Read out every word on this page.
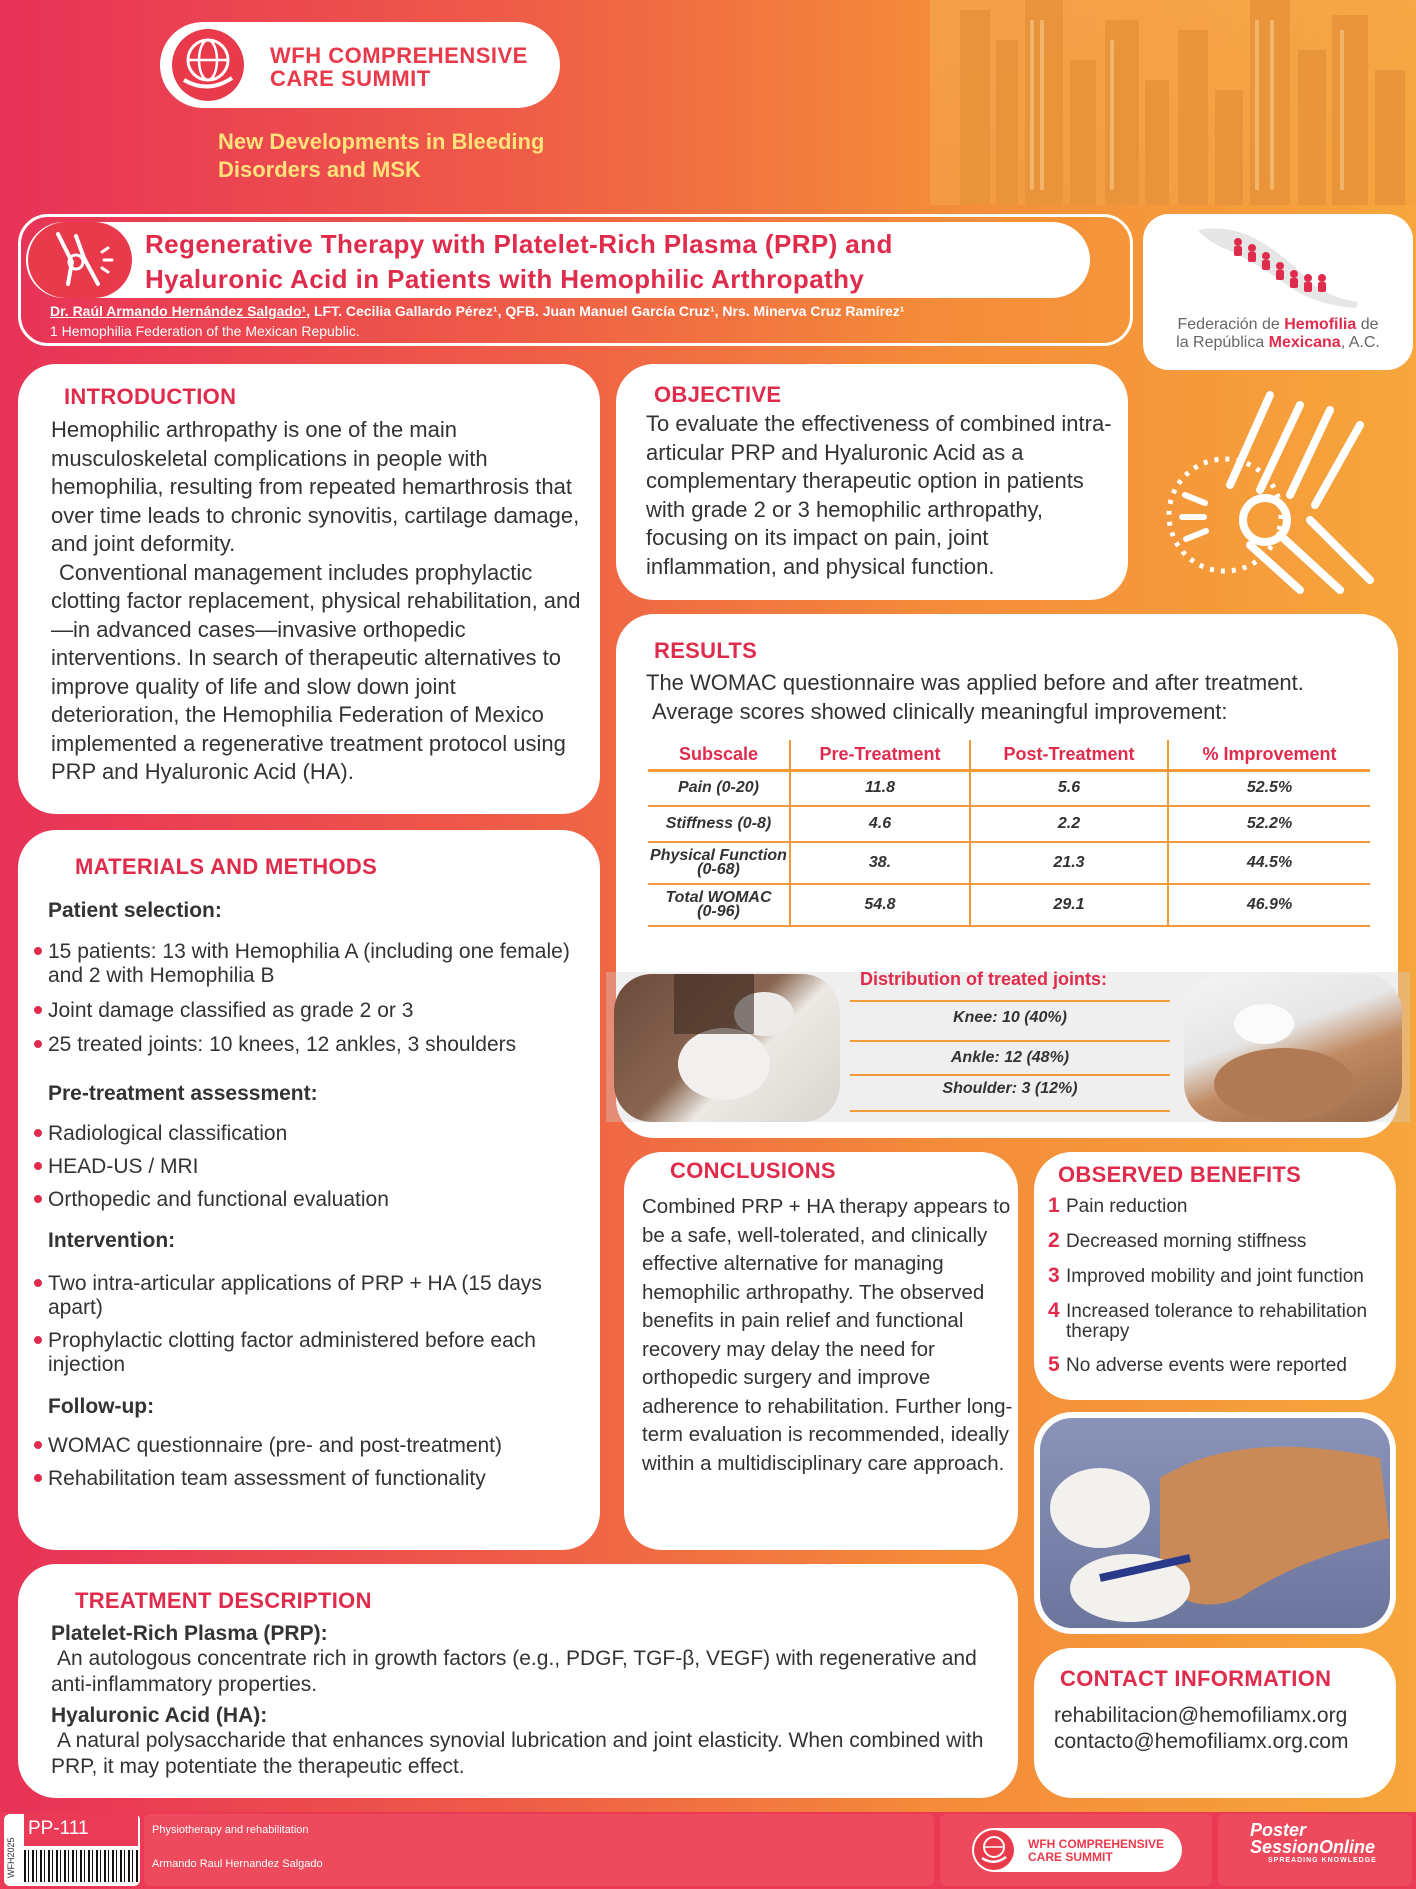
WFH COMPREHENSIVE
CARE SUMMIT
New Developments in Bleeding
Disorders and MSK
Regenerative Therapy with Platelet-Rich Plasma (PRP) and
Hyaluronic Acid in Patients with Hemophilic Arthropathy
Dr. Raúl Armando Hernández Salgado¹, LFT. Cecilia Gallardo Pérez¹, QFB. Juan Manuel García Cruz¹, Nrs. Minerva Cruz Ramírez¹
1 Hemophilia Federation of the Mexican Republic.	Federación de Hemofilia de
la República Mexicana, A.C.
INTRODUCTION
Hemophilic arthropathy is one of the main musculoskeletal complications in people with hemophilia, resulting from repeated hemarthrosis that over time leads to chronic synovitis, cartilage damage, and joint deformity.
Conventional management includes prophylactic clotting factor replacement, physical rehabilitation, and—in advanced cases—invasive orthopedic interventions. In search of therapeutic alternatives to improve quality of life and slow down joint deterioration, the Hemophilia Federation of Mexico implemented a regenerative treatment protocol using PRP and Hyaluronic Acid (HA).
OBJECTIVE
To evaluate the effectiveness of combined intra-articular PRP and Hyaluronic Acid as a complementary therapeutic option in patients with grade 2 or 3 hemophilic arthropathy, focusing on its impact on pain, joint inflammation, and physical function.
MATERIALS AND METHODS
Patient selection:
15 patients: 13 with Hemophilia A (including one female) and 2 with Hemophilia B
Joint damage classified as grade 2 or 3
25 treated joints: 10 knees, 12 ankles, 3 shoulders
Pre-treatment assessment:
Radiological classification
HEAD-US / MRI
Orthopedic and functional evaluation
Intervention:
Two intra-articular applications of PRP + HA (15 days apart)
Prophylactic clotting factor administered before each injection
Follow-up:
WOMAC questionnaire (pre- and post-treatment)
Rehabilitation team assessment of functionality
RESULTS
The WOMAC questionnaire was applied before and after treatment.
Average scores showed clinically meaningful improvement:
Subscale	Pre-Treatment	Post-Treatment	% Improvement
Pain (0-20)	11.8	5.6	52.5%
Stiffness (0-8)	4.6	2.2	52.2%

Physical Function
(0-68)	38.	21.3	44.5%

Total WOMAC
(0-96)	54.8	29.1	46.9%
Distribution of treated joints:
Knee: 10 (40%)
Ankle: 12 (48%)
Shoulder: 3 (12%)
CONCLUSIONS
Combined PRP + HA therapy appears to be a safe, well-tolerated, and clinically effective alternative for managing hemophilic arthropathy. The observed benefits in pain relief and functional recovery may delay the need for orthopedic surgery and improve adherence to rehabilitation. Further long-term evaluation is recommended, ideally within a multidisciplinary care approach.
OBSERVED BENEFITS
1 Pain reduction
2 Decreased morning stiffness
3 Improved mobility and joint function
4 Increased tolerance to rehabilitation therapy
5 No adverse events were reported
TREATMENT DESCRIPTION
Platelet-Rich Plasma (PRP):
An autologous concentrate rich in growth factors (e.g., PDGF, TGF-β, VEGF) with regenerative and anti-inflammatory properties.
Hyaluronic Acid (HA):
A natural polysaccharide that enhances synovial lubrication and joint elasticity. When combined with PRP, it may potentiate the therapeutic effect.
CONTACT INFORMATION
rehabilitacion@hemofiliamx.org
contacto@hemofiliamx.org.com
WFH2025
PP-111	Physiotherapy and rehabilitation
Armando Raul Hernandez Salgado
WFH COMPREHENSIVE
CARE SUMMIT
Poster
SessionOnline
SPREADING KNOWLEDGE
